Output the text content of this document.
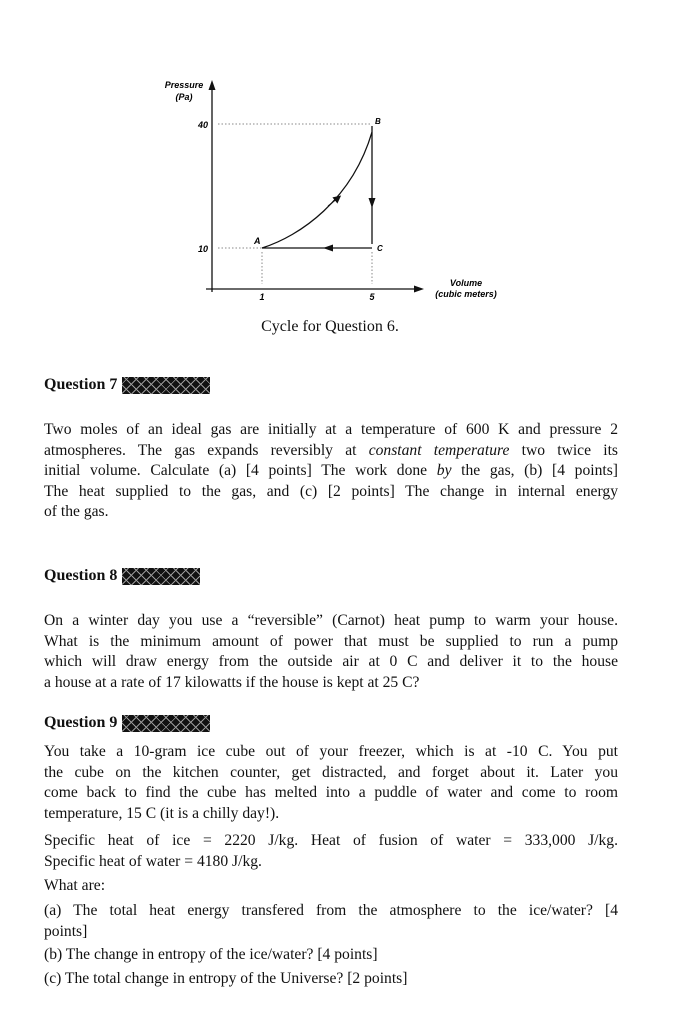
Pressure
(Pa)
40
10
1	5
Volume
(cubic meters)
A
B
C
Cycle for Question 6.
Question 7
Two moles of an ideal gas are initially at a temperature of 600 K and pressure 2
atmospheres. The gas expands reversibly at constant temperature two twice its
initial volume. Calculate (a) [4 points] The work done by the gas, (b) [4 points]
The heat supplied to the gas, and (c) [2 points] The change in internal energy
of the gas.
Question 8
On a winter day you use a “reversible” (Carnot) heat pump to warm your house.
What is the minimum amount of power that must be supplied to run a pump
which will draw energy from the outside air at 0 C and deliver it to the house
a house at a rate of 17 kilowatts if the house is kept at 25 C?
Question 9
You take a 10-gram ice cube out of your freezer, which is at -10 C. You put
the cube on the kitchen counter, get distracted, and forget about it. Later you
come back to find the cube has melted into a puddle of water and come to room
temperature, 15 C (it is a chilly day!).
Specific heat of ice = 2220 J/kg. Heat of fusion of water = 333,000 J/kg.
Specific heat of water = 4180 J/kg.
What are:
(a) The total heat energy transfered from the atmosphere to the ice/water? [4
points]
(b) The change in entropy of the ice/water? [4 points]
(c) The total change in entropy of the Universe? [2 points]
